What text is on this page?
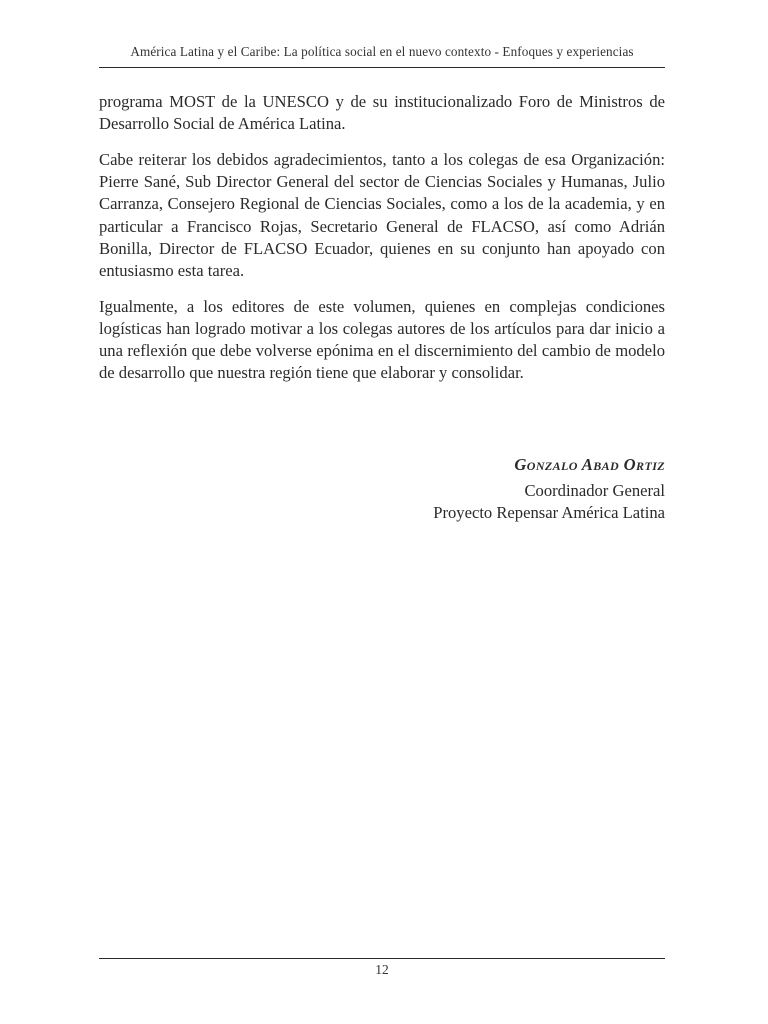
América Latina y el Caribe: La política social en el nuevo contexto - Enfoques y experiencias

programa MOST de la UNESCO y de su institucionalizado Foro de Ministros de Desarrollo Social de América Latina.

Cabe reiterar los debidos agradecimientos, tanto a los colegas de esa Organización: Pierre Sané, Sub Director General del sector de Ciencias Sociales y Humanas, Julio Carranza, Consejero Regional de Ciencias Sociales, como a los de la academia, y en particular a Francisco Rojas, Secretario General de FLACSO, así como Adrián Bonilla, Director de FLACSO Ecuador, quienes en su conjunto han apoyado con entusiasmo esta tarea.

Igualmente, a los editores de este volumen, quienes en complejas condiciones logísticas han logrado motivar a los colegas autores de los artículos para dar inicio a una reflexión que debe volverse epónima en el discernimiento del cambio de modelo de desarrollo que nuestra región tiene que elaborar y consolidar.

Gonzalo Abad Ortiz
Coordinador General
Proyecto Repensar América Latina
12
